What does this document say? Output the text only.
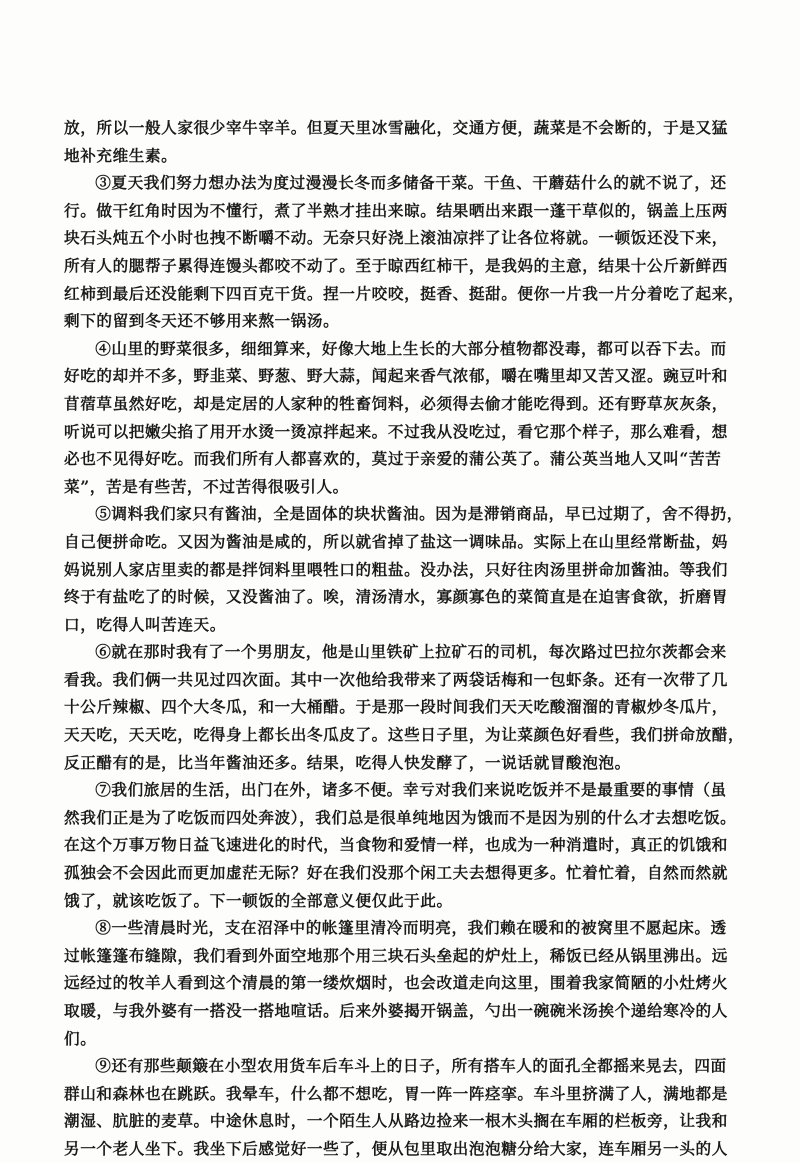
放，所以一般人家很少宰牛宰羊。但夏天里冰雪融化，交通方便，蔬菜是不会断的，于是又猛
地补充维生素。

③夏天我们努力想办法为度过漫漫长冬而多储备干菜。干鱼、干蘑菇什么的就不说了，还
行。做干红角时因为不懂行，煮了半熟才挂出来晾。结果晒出来跟一蓬干草似的，锅盖上压两
块石头炖五个小时也拽不断嚼不动。无奈只好浇上滚油凉拌了让各位将就。一顿饭还没下来，
所有人的腮帮子累得连馒头都咬不动了。至于晾西红柿干，是我妈的主意，结果十公斤新鲜西
红柿到最后还没能剩下四百克干货。捏一片咬咬，挺香、挺甜。便你一片我一片分着吃了起来，
剩下的留到冬天还不够用来熬一锅汤。

④山里的野菜很多，细细算来，好像大地上生长的大部分植物都没毒，都可以吞下去。而
好吃的却并不多，野韭菜、野葱、野大蒜，闻起来香气浓郁，嚼在嘴里却又苦又涩。豌豆叶和
苜蓿草虽然好吃，却是定居的人家种的牲畜饲料，必须得去偷才能吃得到。还有野草灰灰条，
听说可以把嫩尖掐了用开水烫一烫凉拌起来。不过我从没吃过，看它那个样子，那么难看，想
必也不见得好吃。而我们所有人都喜欢的，莫过于亲爱的蒲公英了。蒲公英当地人又叫“苦苦
菜”，苦是有些苦，不过苦得很吸引人。

⑤调料我们家只有酱油，全是固体的块状酱油。因为是滞销商品，早已过期了，舍不得扔，
自己便拼命吃。又因为酱油是咸的，所以就省掉了盐这一调味品。实际上在山里经常断盐，妈
妈说别人家店里卖的都是拌饲料里喂牲口的粗盐。没办法，只好往肉汤里拼命加酱油。等我们
终于有盐吃了的时候，又没酱油了。唉，清汤清水，寡颜寡色的菜简直是在迫害食欲，折磨胃
口，吃得人叫苦连天。

⑥就在那时我有了一个男朋友，他是山里铁矿上拉矿石的司机，每次路过巴拉尔茨都会来
看我。我们俩一共见过四次面。其中一次他给我带来了两袋话梅和一包虾条。还有一次带了几
十公斤辣椒、四个大冬瓜，和一大桶醋。于是那一段时间我们天天吃酸溜溜的青椒炒冬瓜片，
天天吃，天天吃，吃得身上都长出冬瓜皮了。这些日子里，为让菜颜色好看些，我们拼命放醋，
反正醋有的是，比当年酱油还多。结果，吃得人快发酵了，一说话就冒酸泡泡。

⑦我们旅居的生活，出门在外，诸多不便。幸亏对我们来说吃饭并不是最重要的事情（虽
然我们正是为了吃饭而四处奔波），我们总是很单纯地因为饿而不是因为别的什么才去想吃饭。
在这个万事万物日益飞速进化的时代，当食物和爱情一样，也成为一种消遣时，真正的饥饿和
孤独会不会因此而更加虚茫无际？好在我们没那个闲工夫去想得更多。忙着忙着，自然而然就
饿了，就该吃饭了。下一顿饭的全部意义便仅此于此。

⑧一些清晨时光，支在沼泽中的帐篷里清冷而明亮，我们赖在暖和的被窝里不愿起床。透
过帐篷篷布缝隙，我们看到外面空地那个用三块石头垒起的炉灶上，稀饭已经从锅里沸出。远
远经过的牧羊人看到这个清晨的第一缕炊烟时，也会改道走向这里，围着我家简陋的小灶烤火
取暖，与我外婆有一搭没一搭地喧话。后来外婆揭开锅盖，勺出一碗碗米汤挨个递给寒冷的人
们。

⑨还有那些颠簸在小型农用货车后车斗上的日子，所有搭车人的面孔全都摇来晃去，四面
群山和森林也在跳跃。我晕车，什么都不想吃，胃一阵一阵痉挛。车斗里挤满了人，满地都是
潮湿、肮脏的麦草。中途休息时，一个陌生人从路边捡来一根木头搁在车厢的栏板旁，让我和
另一个老人坐下。我坐下后感觉好一些了，便从包里取出泡泡糖分给大家，连车厢另一头的人
